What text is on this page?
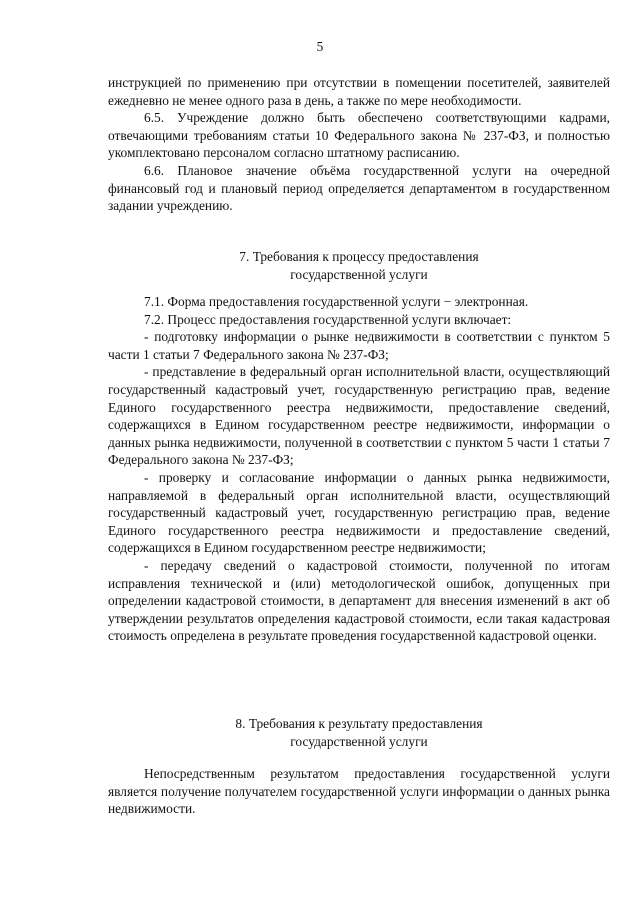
5

инструкцией по применению при отсутствии в помещении посетителей, заявителей ежедневно не менее одного раза в день, а также по мере необходимости.

6.5. Учреждение должно быть обеспечено соответствующими кадрами, отвечающими требованиям статьи 10 Федерального закона № 237-ФЗ, и полностью укомплектовано персоналом согласно штатному расписанию.

6.6. Плановое значение объёма государственной услуги на очередной финансовый год и плановый период определяется департаментом в государственном задании учреждению.

7. Требования к процессу предоставления
государственной услуги

7.1. Форма предоставления государственной услуги − электронная.

7.2. Процесс предоставления государственной услуги включает:

- подготовку информации о рынке недвижимости в соответствии с пунктом 5 части 1 статьи 7 Федерального закона № 237-ФЗ;

- представление в федеральный орган исполнительной власти, осуществляющий государственный кадастровый учет, государственную регистрацию прав, ведение Единого государственного реестра недвижимости, предоставление сведений, содержащихся в Едином государственном реестре недвижимости, информации о данных рынка недвижимости, полученной в соответствии с пунктом 5 части 1 статьи 7 Федерального закона № 237-ФЗ;

- проверку и согласование информации о данных рынка недвижимости, направляемой в федеральный орган исполнительной власти, осуществляющий государственный кадастровый учет, государственную регистрацию прав, ведение Единого государственного реестра недвижимости и предоставление сведений, содержащихся в Едином государственном реестре недвижимости;

- передачу сведений о кадастровой стоимости, полученной по итогам исправления технической и (или) методологической ошибок, допущенных при определении кадастровой стоимости, в департамент для внесения изменений в акт об утверждении результатов определения кадастровой стоимости, если такая кадастровая стоимость определена в результате проведения государственной кадастровой оценки.

8. Требования к результату предоставления
государственной услуги

Непосредственным результатом предоставления государственной услуги является получение получателем государственной услуги информации о данных рынка недвижимости.
